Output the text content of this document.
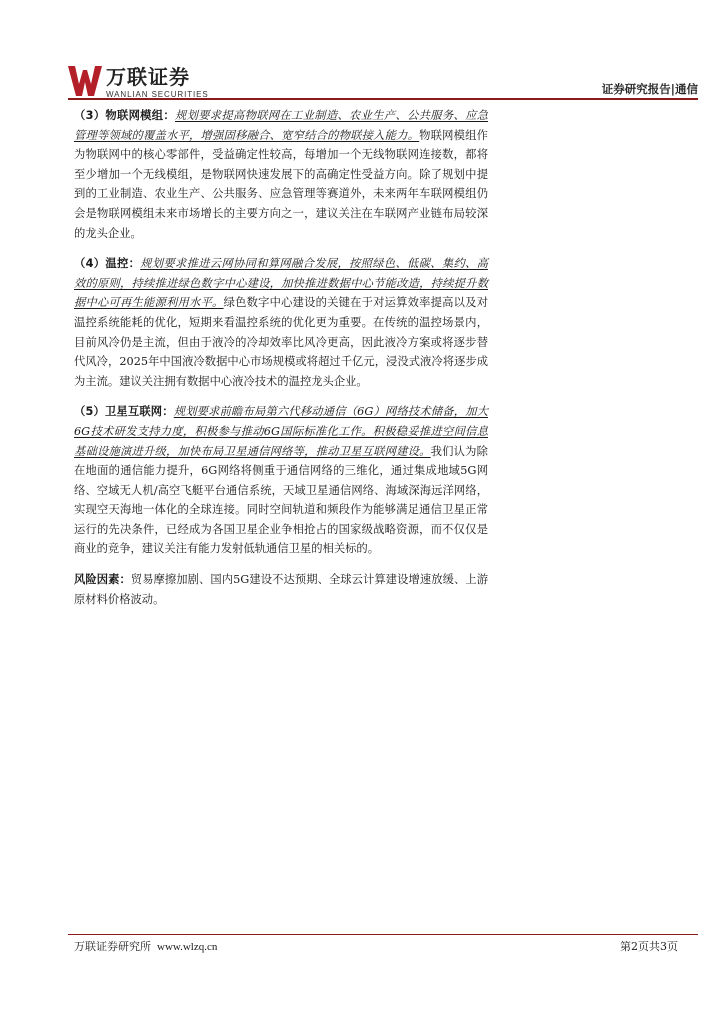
万联证券
WANLIAN SECURITIES	证券研究报告|通信

（3）物联网模组：规划要求提高物联网在工业制造、农业生产、公共服务、应急管理等领域的覆盖水平，增强固移融合、宽窄结合的物联接入能力。物联网模组作为物联网中的核心零部件，受益确定性较高，每增加一个无线物联网连接数，都将至少增加一个无线模组，是物联网快速发展下的高确定性受益方向。除了规划中提到的工业制造、农业生产、公共服务、应急管理等赛道外，未来两年车联网模组仍会是物联网模组未来市场增长的主要方向之一，建议关注在车联网产业链布局较深的龙头企业。

（4）温控：规划要求推进云网协同和算网融合发展，按照绿色、低碳、集约、高效的原则，持续推进绿色数字中心建设，加快推进数据中心节能改造，持续提升数据中心可再生能源利用水平。绿色数字中心建设的关键在于对运算效率提高以及对温控系统能耗的优化，短期来看温控系统的优化更为重要。在传统的温控场景内，目前风冷仍是主流，但由于液冷的冷却效率比风冷更高，因此液冷方案或将逐步替代风冷，2025年中国液冷数据中心市场规模或将超过千亿元，浸没式液冷将逐步成为主流。建议关注拥有数据中心液冷技术的温控龙头企业。

（5）卫星互联网：规划要求前瞻布局第六代移动通信（6G）网络技术储备，加大6G技术研发支持力度，积极参与推动6G国际标准化工作。积极稳妥推进空间信息基础设施演进升级，加快布局卫星通信网络等，推动卫星互联网建设。我们认为除在地面的通信能力提升，6G网络将侧重于通信网络的三维化，通过集成地域5G网络、空域无人机/高空飞艇平台通信系统，天域卫星通信网络、海域深海远洋网络，实现空天海地一体化的全球连接。同时空间轨道和频段作为能够满足通信卫星正常运行的先决条件，已经成为各国卫星企业争相抢占的国家级战略资源，而不仅仅是商业的竞争，建议关注有能力发射低轨通信卫星的相关标的。

风险因素：贸易摩擦加剧、国内5G建设不达预期、全球云计算建设增速放缓、上游原材料价格波动。

万联证券研究所 www.wlzq.cn	第2页共3页
